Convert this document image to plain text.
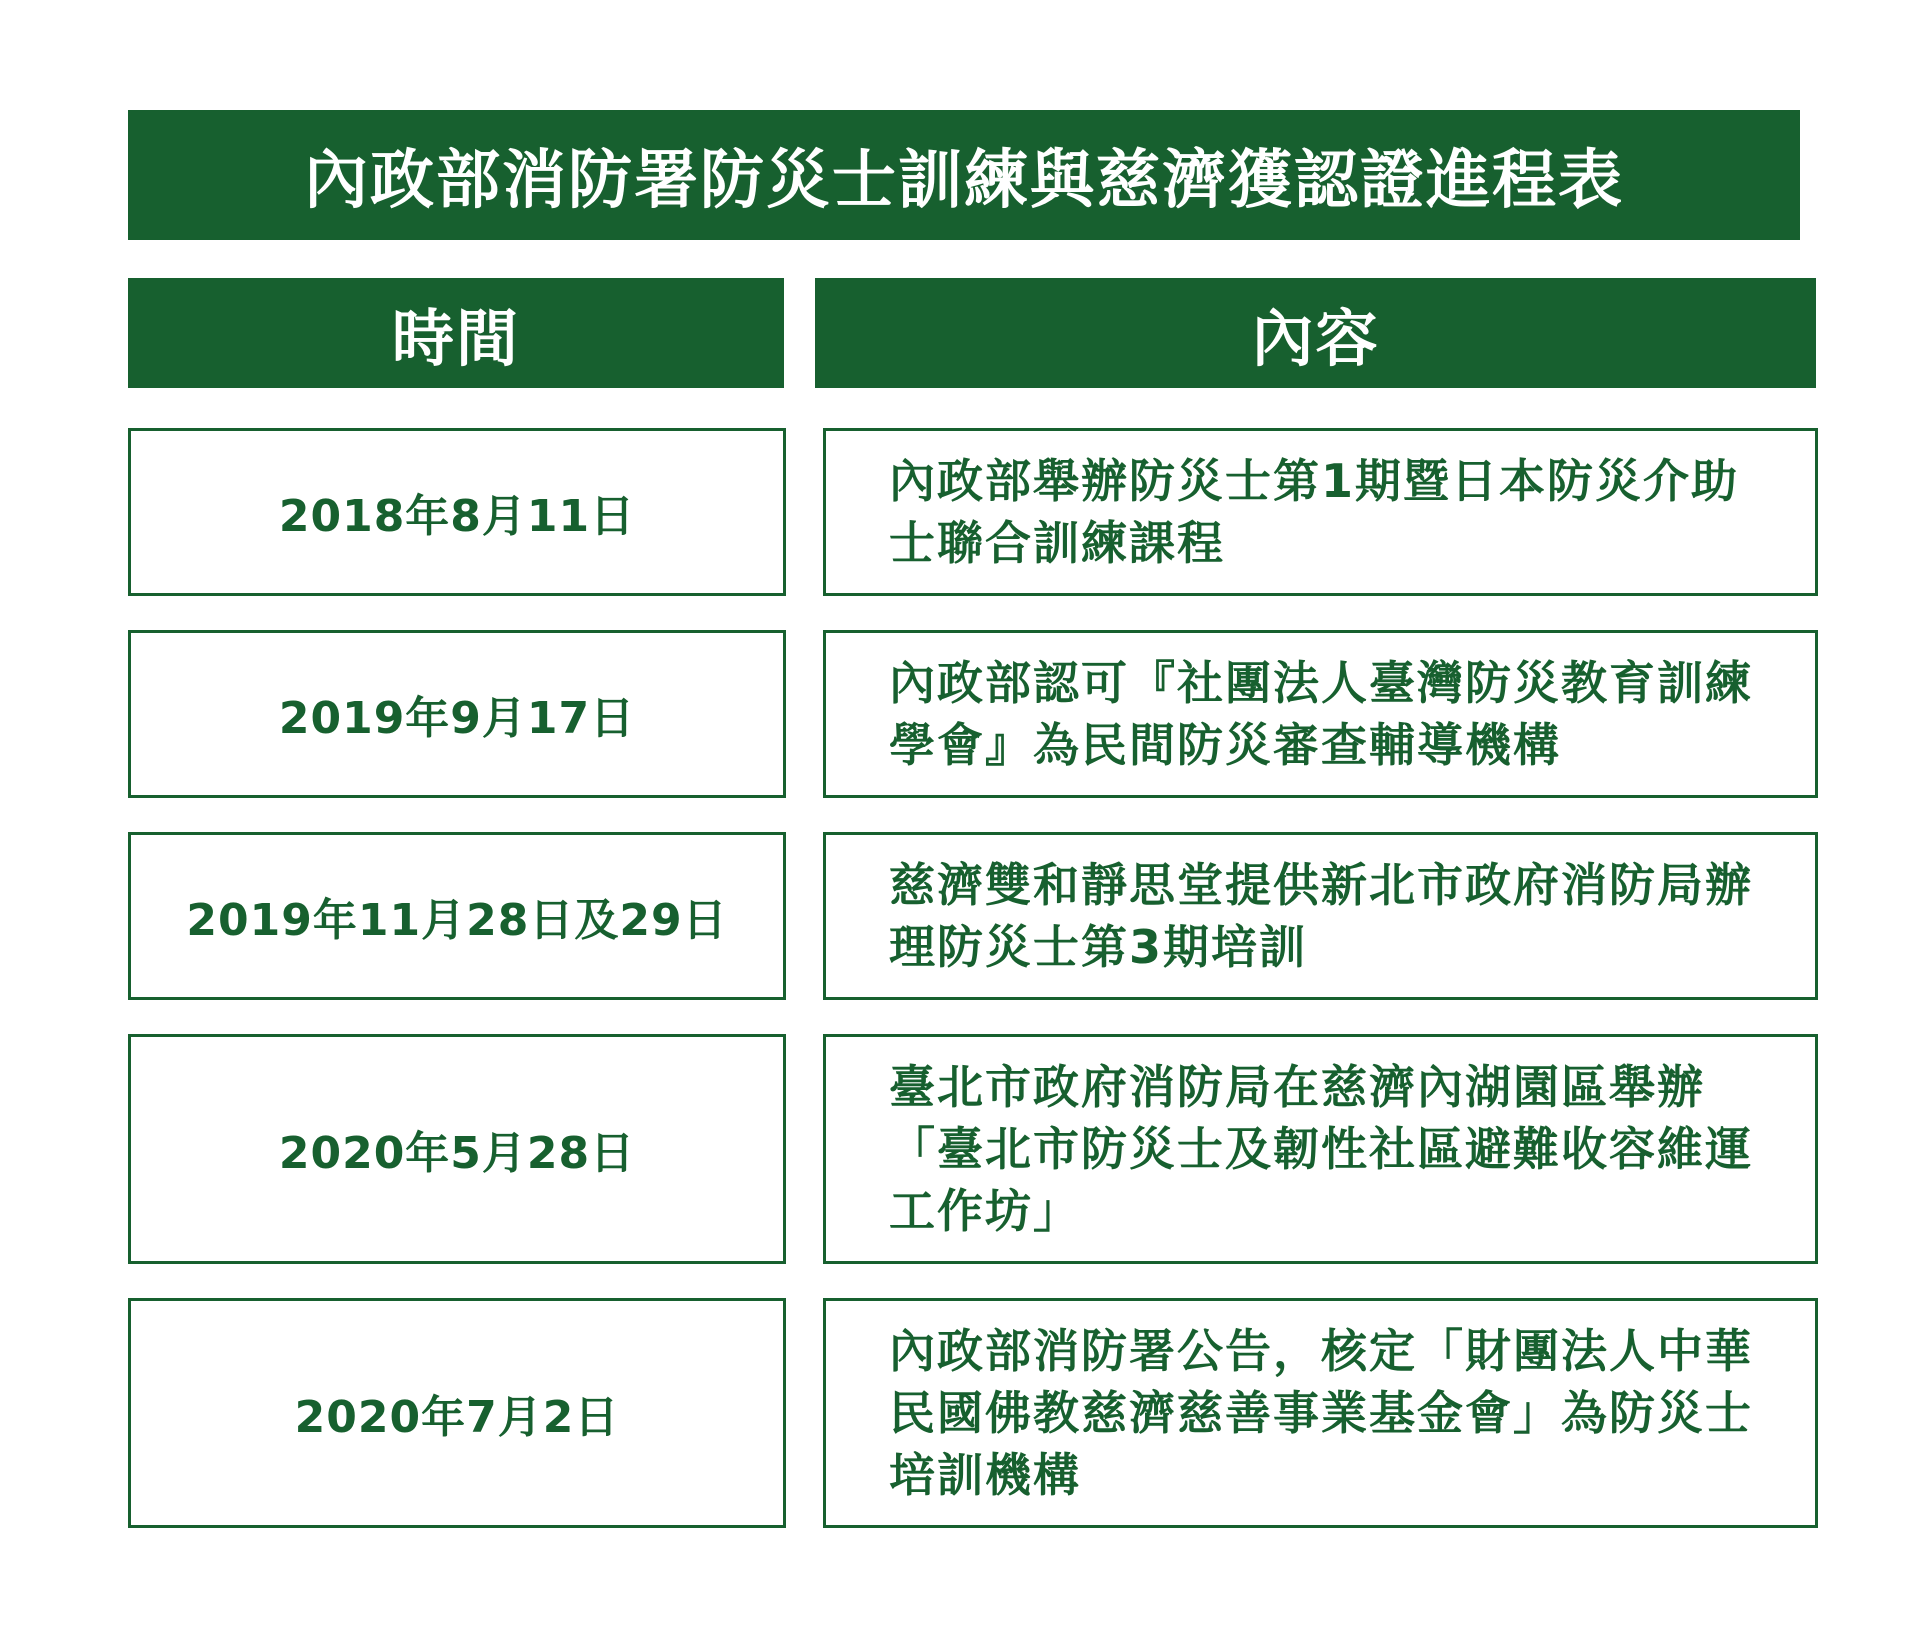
內政部消防署防災士訓練與慈濟獲認證進程表
時間	內容
2018年8月11日
內政部舉辦防災士第1期暨日本防災介助士聯合訓練課程
2019年9月17日
內政部認可『社團法人臺灣防災教育訓練學會』為民間防災審查輔導機構
2019年11月28日及29日
慈濟雙和靜思堂提供新北市政府消防局辦理防災士第3期培訓
2020年5月28日
臺北市政府消防局在慈濟內湖園區舉辦「臺北市防災士及韌性社區避難收容維運工作坊」
2020年7月2日
內政部消防署公告，核定「財團法人中華民國佛教慈濟慈善事業基金會」為防災士培訓機構
